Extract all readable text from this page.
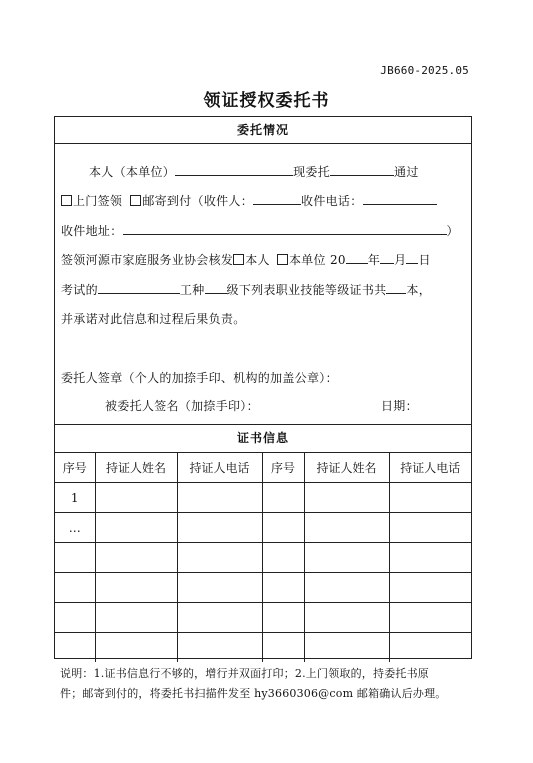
JB660-2025.05
领证授权委托书
委托情况
本人（本单位）	现委托	通过
上门签领 邮寄到付（收件人：	收件电话：
收件地址：	）
签领河源市家庭服务业协会核发 本人 本单位 20 年 月 日
考试的	工种 级下列表职业技能等级证书共 本，
并承诺对此信息和过程后果负责。
委托人签章（个人的加捺手印、机构的加盖公章）：
被委托人签名（加捺手印）：	日期：
证书信息
序号	持证人姓名	持证人电话	序号	持证人姓名	持证人电话
1					
…					

说明：1.证书信息行不够的，增行并双面打印；2.上门领取的，持委托书原
件；邮寄到付的，将委托书扫描件发至 hy3660306@com 邮箱确认后办理。
